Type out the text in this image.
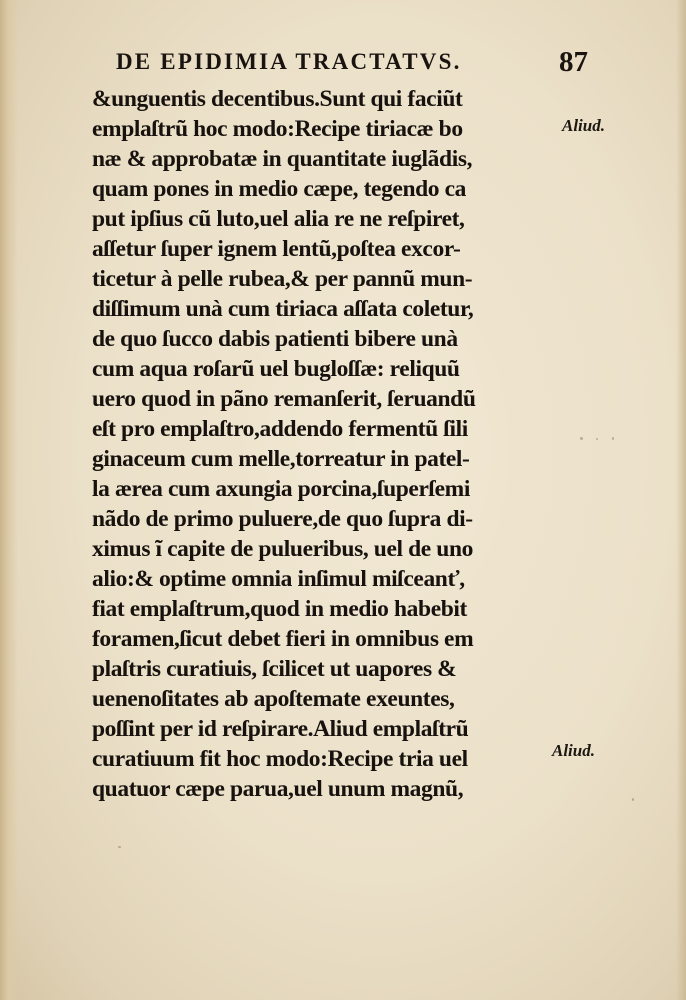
DE EPIDIMIA TRACTATVS.	87
&unguentis decentibus.Sunt qui faciũt
emplaſtrũ hoc modo:Recipe tiriacæ bo
næ & approbatæ in quantitate iuglãdis,
quam pones in medio cæpe, tegendo ca
put ipſius cũ luto,uel alia re ne reſpiret,
aſſetur ſuper ignem lentũ,poſtea excor-
ticetur à pelle rubea,& per pannũ mun-
diſſimum unà cum tiriaca aſſata coletur,
de quo ſucco dabis patienti bibere unà
cum aqua roſarũ uel bugloſſæ: reliquũ
uero quod in pãno remanſerit, ſeruandũ
eſt pro emplaſtro,addendo fermentũ ſili
ginaceum cum melle,torreatur in patel-
la ærea cum axungia porcina,ſuperſemi
nãdo de primo puluere,de quo ſupra di-
ximus ĩ capite de pulueribus, uel de uno
alio:& optime omnia inſimul miſceanť,
fiat emplaſtrum,quod in medio habebit
foramen,ſicut debet fieri in omnibus em
plaſtris curatiuis, ſcilicet ut uapores &
uenenoſitates ab apoſtemate exeuntes,
poſſint per id reſpirare.Aliud emplaſtrũ
curatiuum fit hoc modo:Recipe tria uel
quatuor cæpe parua,uel unum magnũ,
Aliud.
Aliud.
